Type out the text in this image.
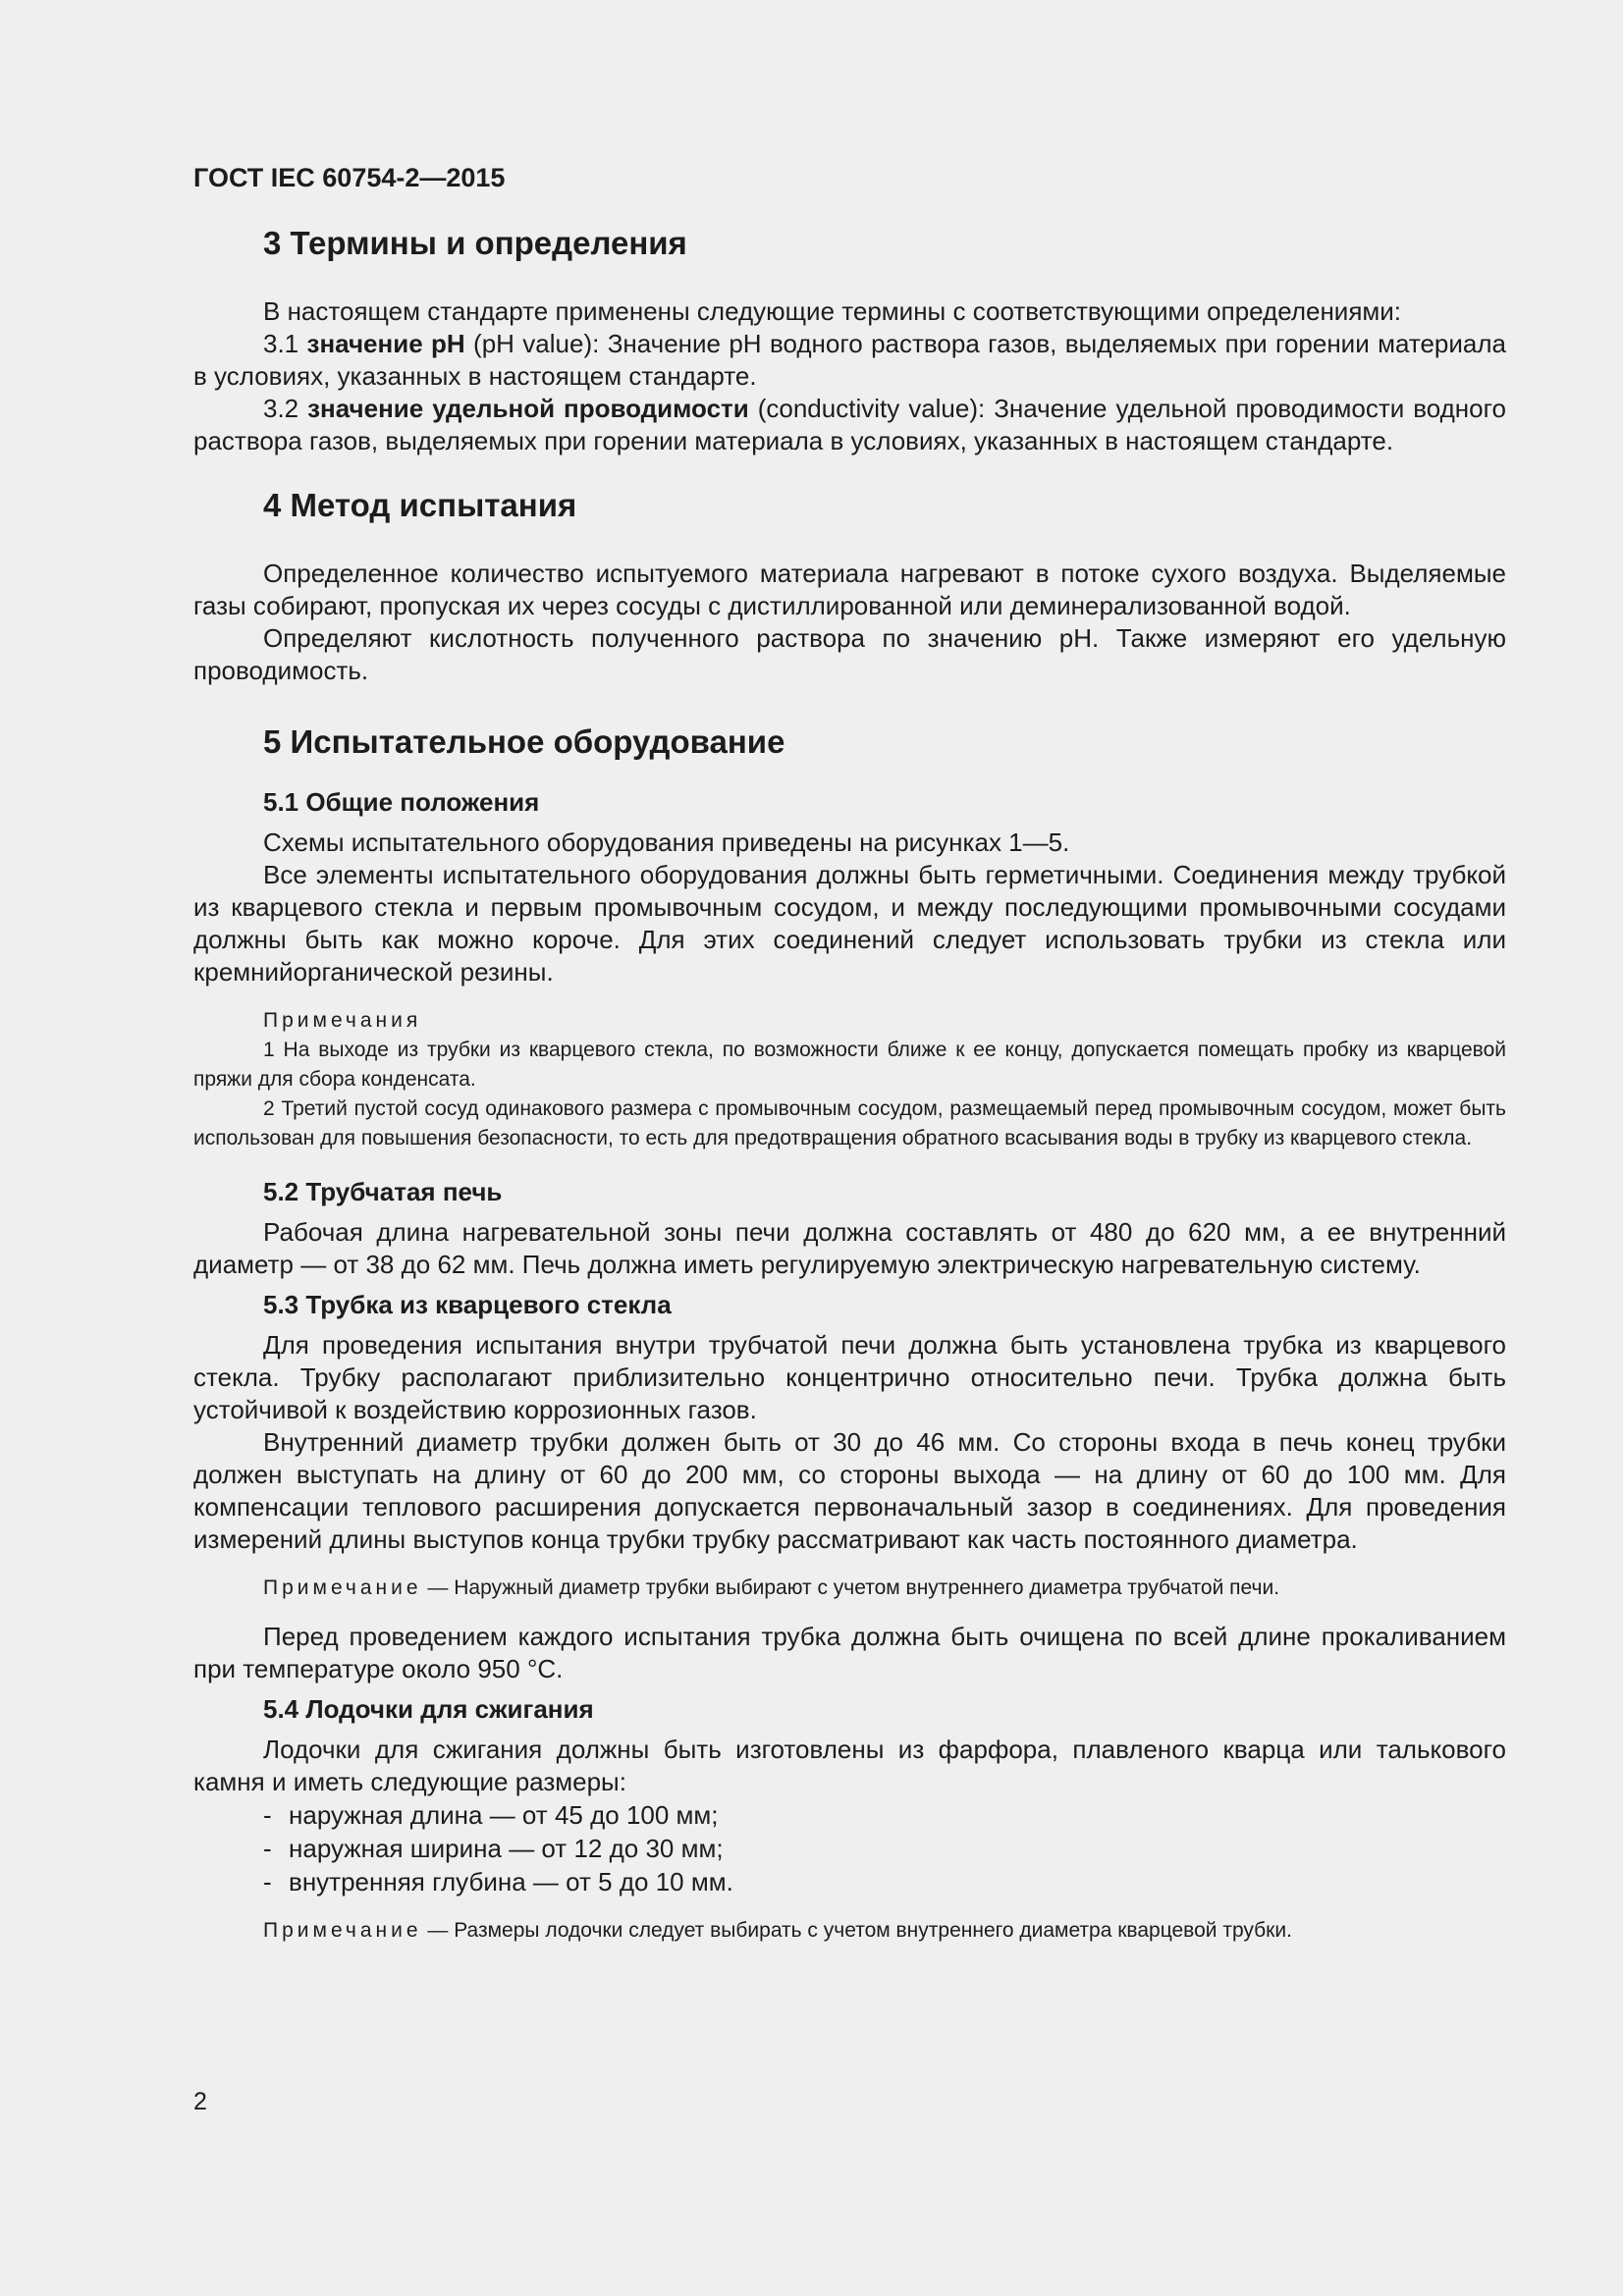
ГОСТ IEC 60754-2—2015
3 Термины и определения

В настоящем стандарте применены следующие термины с соответствующими определениями:

3.1 значение рН (pH value): Значение рН водного раствора газов, выделяемых при горении материала в условиях, указанных в настоящем стандарте.

3.2 значение удельной проводимости (conductivity value): Значение удельной проводимости водного раствора газов, выделяемых при горении материала в условиях, указанных в настоящем стандарте.

4 Метод испытания

Определенное количество испытуемого материала нагревают в потоке сухого воздуха. Выделяемые газы собирают, пропуская их через сосуды с дистиллированной или деминерализованной водой.

Определяют кислотность полученного раствора по значению рН. Также измеряют его удельную проводимость.

5 Испытательное оборудование
5.1 Общие положения

Схемы испытательного оборудования приведены на рисунках 1—5.

Все элементы испытательного оборудования должны быть герметичными. Соединения между трубкой из кварцевого стекла и первым промывочным сосудом, и между последующими промывочными сосудами должны быть как можно короче. Для этих соединений следует использовать трубки из стекла или кремнийорганической резины.

Примечания

1 На выходе из трубки из кварцевого стекла, по возможности ближе к ее концу, допускается помещать пробку из кварцевой пряжи для сбора конденсата.

2 Третий пустой сосуд одинакового размера с промывочным сосудом, размещаемый перед промывочным сосудом, может быть использован для повышения безопасности, то есть для предотвращения обратного всасывания воды в трубку из кварцевого стекла.

5.2 Трубчатая печь

Рабочая длина нагревательной зоны печи должна составлять от 480 до 620 мм, а ее внутренний диаметр — от 38 до 62 мм. Печь должна иметь регулируемую электрическую нагревательную систему.

5.3 Трубка из кварцевого стекла

Для проведения испытания внутри трубчатой печи должна быть установлена трубка из кварцевого стекла. Трубку располагают приблизительно концентрично относительно печи. Трубка должна быть устойчивой к воздействию коррозионных газов.

Внутренний диаметр трубки должен быть от 30 до 46 мм. Со стороны входа в печь конец трубки должен выступать на длину от 60 до 200 мм, со стороны выхода — на длину от 60 до 100 мм. Для компенсации теплового расширения допускается первоначальный зазор в соединениях. Для проведения измерений длины выступов конца трубки трубку рассматривают как часть постоянного диаметра.

Примечание — Наружный диаметр трубки выбирают с учетом внутреннего диаметра трубчатой печи.

Перед проведением каждого испытания трубка должна быть очищена по всей длине прокаливанием при температуре около 950 °С.

5.4 Лодочки для сжигания

Лодочки для сжигания должны быть изготовлены из фарфора, плавленого кварца или талькового камня и иметь следующие размеры:

- наружная длина — от 45 до 100 мм;
- наружная ширина — от 12 до 30 мм;
- внутренняя глубина — от 5 до 10 мм.

Примечание — Размеры лодочки следует выбирать с учетом внутреннего диаметра кварцевой трубки.

2
